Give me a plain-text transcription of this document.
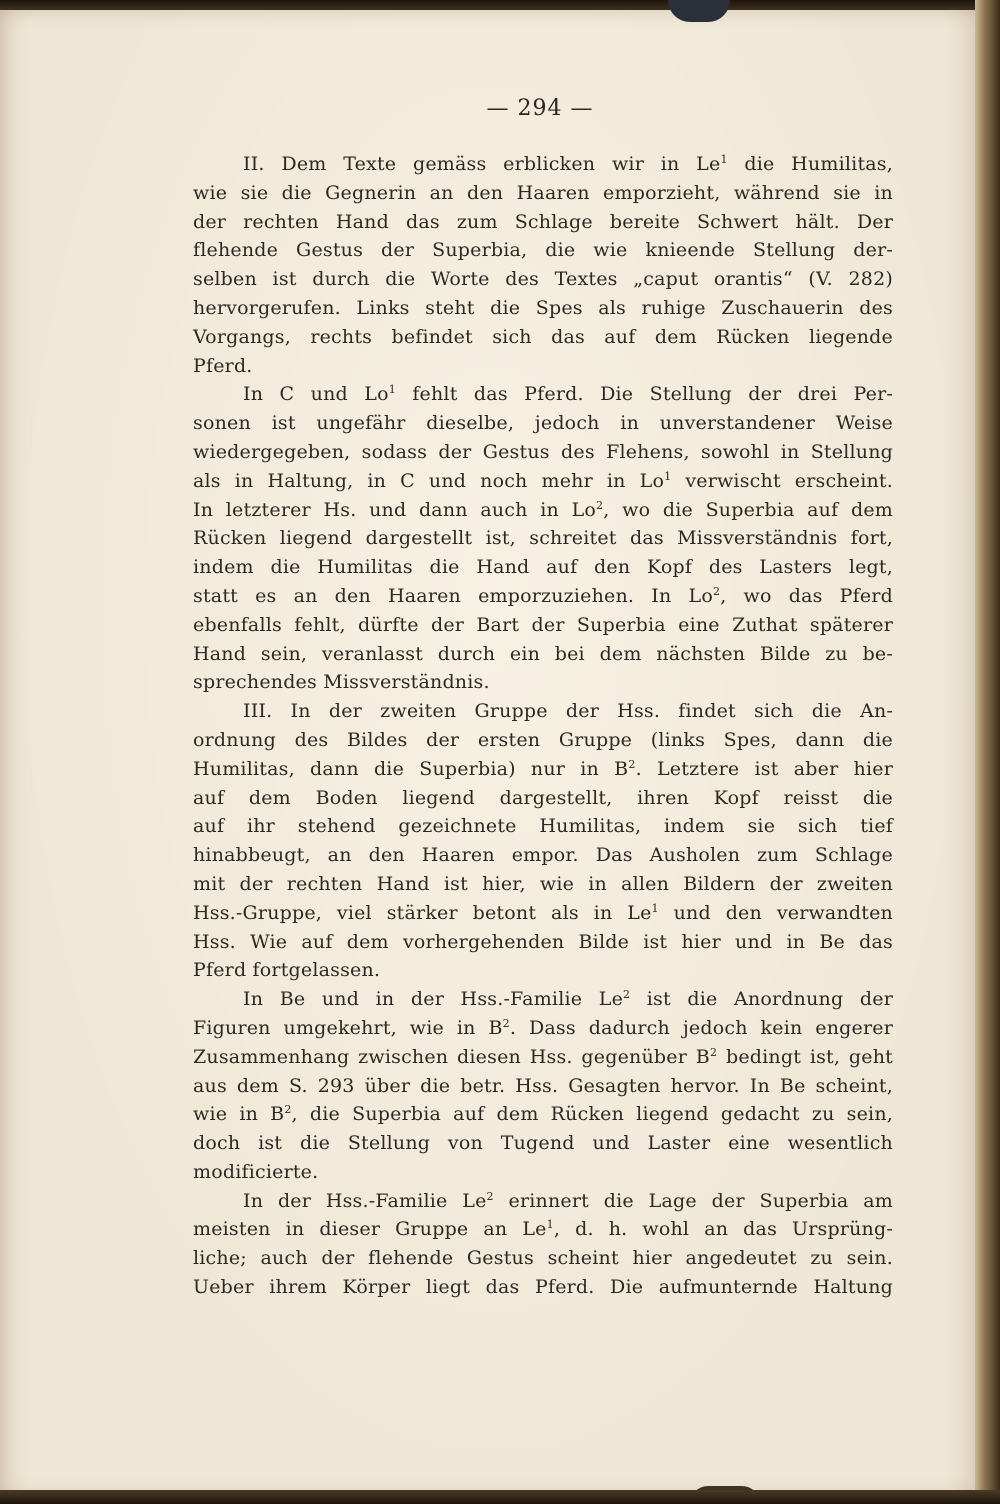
— 294 —
II. Dem Texte gemäss erblicken wir in Le$^1$ die Humilitas,
wie sie die Gegnerin an den Haaren emporzieht, während sie in
der rechten Hand das zum Schlage bereite Schwert hält. Der
flehende Gestus der Superbia, die wie knieende Stellung der-
selben ist durch die Worte des Textes „caput orantis“ (V. 282)
hervorgerufen. Links steht die Spes als ruhige Zuschauerin des
Vorgangs, rechts befindet sich das auf dem Rücken liegende
Pferd.
In C und Lo$^1$ fehlt das Pferd. Die Stellung der drei Per-
sonen ist ungefähr dieselbe, jedoch in unverstandener Weise
wiedergegeben, sodass der Gestus des Flehens, sowohl in Stellung
als in Haltung, in C und noch mehr in Lo$^1$ verwischt erscheint.
In letzterer Hs. und dann auch in Lo$^2$, wo die Superbia auf dem
Rücken liegend dargestellt ist, schreitet das Missverständnis fort,
indem die Humilitas die Hand auf den Kopf des Lasters legt,
statt es an den Haaren emporzuziehen. In Lo$^2$, wo das Pferd
ebenfalls fehlt, dürfte der Bart der Superbia eine Zuthat späterer
Hand sein, veranlasst durch ein bei dem nächsten Bilde zu be-
sprechendes Missverständnis.
III. In der zweiten Gruppe der Hss. findet sich die An-
ordnung des Bildes der ersten Gruppe (links Spes, dann die
Humilitas, dann die Superbia) nur in $B^2$. Letztere ist aber hier
auf dem Boden liegend dargestellt, ihren Kopf reisst die
auf ihr stehend gezeichnete Humilitas, indem sie sich tief
hinabbeugt, an den Haaren empor. Das Ausholen zum Schlage
mit der rechten Hand ist hier, wie in allen Bildern der zweiten
Hss.-Gruppe, viel stärker betont als in Le$^1$ und den verwandten
Hss. Wie auf dem vorhergehenden Bilde ist hier und in Be das
Pferd fortgelassen.
In Be und in der Hss.-Familie Le$^2$ ist die Anordnung der
Figuren umgekehrt, wie in $B^2$. Dass dadurch jedoch kein engerer
Zusammenhang zwischen diesen Hss. gegenüber $B^2$ bedingt ist, geht
aus dem S. 293 über die betr. Hss. Gesagten hervor. In Be scheint,
wie in $B^2$, die Superbia auf dem Rücken liegend gedacht zu sein,
doch ist die Stellung von Tugend und Laster eine wesentlich
modificierte.
In der Hss.-Familie Le$^2$ erinnert die Lage der Superbia am
meisten in dieser Gruppe an Le$^1$, d. h. wohl an das Ursprüng-
liche; auch der flehende Gestus scheint hier angedeutet zu sein.
Ueber ihrem Körper liegt das Pferd. Die aufmunternde Haltung
